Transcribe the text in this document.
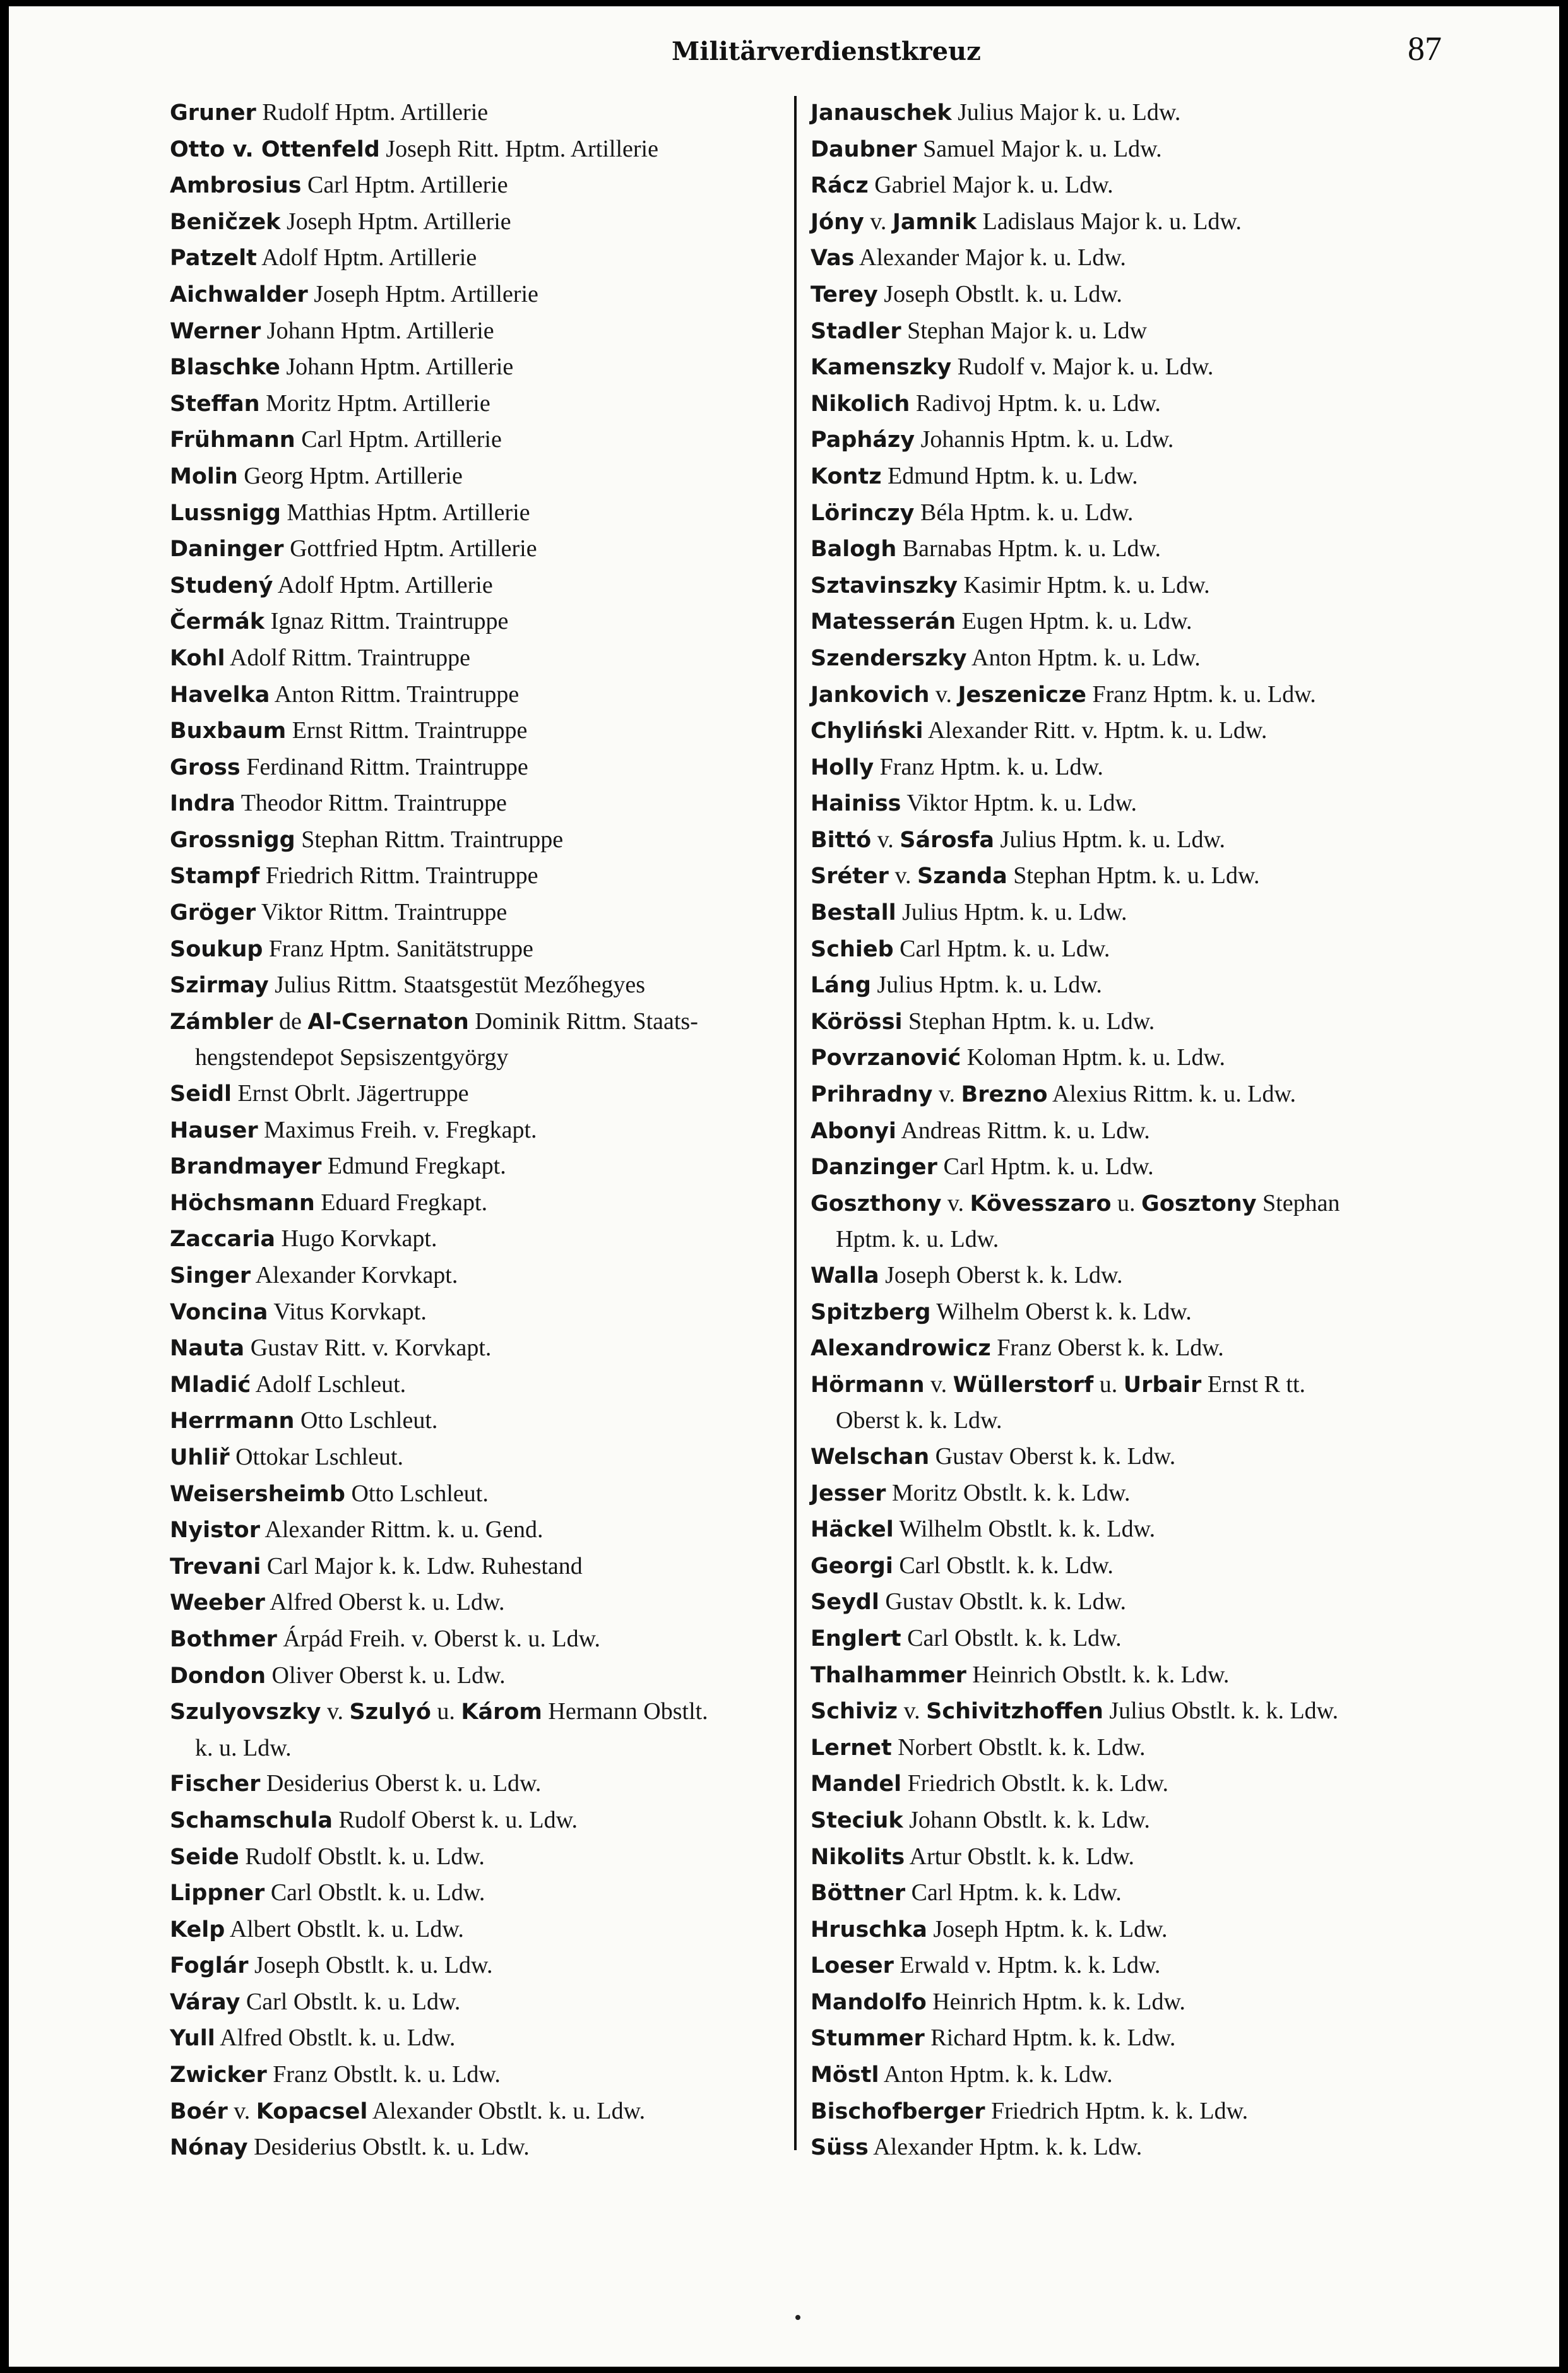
Militärverdienstkreuz	87
Gruner Rudolf Hptm. Artillerie
Otto v. Ottenfeld Joseph Ritt. Hptm. Artillerie
Ambrosius Carl Hptm. Artillerie
Beničzek Joseph Hptm. Artillerie
Patzelt Adolf Hptm. Artillerie
Aichwalder Joseph Hptm. Artillerie
Werner Johann Hptm. Artillerie
Blaschke Johann Hptm. Artillerie
Steffan Moritz Hptm. Artillerie
Frühmann Carl Hptm. Artillerie
Molin Georg Hptm. Artillerie
Lussnigg Matthias Hptm. Artillerie
Daninger Gottfried Hptm. Artillerie
Studený Adolf Hptm. Artillerie
Čermák Ignaz Rittm. Traintruppe
Kohl Adolf Rittm. Traintruppe
Havelka Anton Rittm. Traintruppe
Buxbaum Ernst Rittm. Traintruppe
Gross Ferdinand Rittm. Traintruppe
Indra Theodor Rittm. Traintruppe
Grossnigg Stephan Rittm. Traintruppe
Stampf Friedrich Rittm. Traintruppe
Gröger Viktor Rittm. Traintruppe
Soukup Franz Hptm. Sanitätstruppe
Szirmay Julius Rittm. Staatsgestüt Mezőhegyes
Zámbler de Al-Csernaton Dominik Rittm. Staats-
hengstendepot Sepsiszentgyörgy
Seidl Ernst Obrlt. Jägertruppe
Hauser Maximus Freih. v. Fregkapt.
Brandmayer Edmund Fregkapt.
Höchsmann Eduard Fregkapt.
Zaccaria Hugo Korvkapt.
Singer Alexander Korvkapt.
Voncina Vitus Korvkapt.
Nauta Gustav Ritt. v. Korvkapt.
Mladić Adolf Lschleut.
Herrmann Otto Lschleut.
Uhliř Ottokar Lschleut.
Weisersheimb Otto Lschleut.
Nyistor Alexander Rittm. k. u. Gend.
Trevani Carl Major k. k. Ldw. Ruhestand
Weeber Alfred Oberst k. u. Ldw.
Bothmer Árpád Freih. v. Oberst k. u. Ldw.
Dondon Oliver Oberst k. u. Ldw.
Szulyovszky v. Szulyó u. Károm Hermann Obstlt.
k. u. Ldw.
Fischer Desiderius Oberst k. u. Ldw.
Schamschula Rudolf Oberst k. u. Ldw.
Seide Rudolf Obstlt. k. u. Ldw.
Lippner Carl Obstlt. k. u. Ldw.
Kelp Albert Obstlt. k. u. Ldw.
Foglár Joseph Obstlt. k. u. Ldw.
Váray Carl Obstlt. k. u. Ldw.
Yull Alfred Obstlt. k. u. Ldw.
Zwicker Franz Obstlt. k. u. Ldw.
Boér v. Kopacsel Alexander Obstlt. k. u. Ldw.
Nónay Desiderius Obstlt. k. u. Ldw.
Janauschek Julius Major k. u. Ldw.
Daubner Samuel Major k. u. Ldw.
Rácz Gabriel Major k. u. Ldw.
Jóny v. Jamnik Ladislaus Major k. u. Ldw.
Vas Alexander Major k. u. Ldw.
Terey Joseph Obstlt. k. u. Ldw.
Stadler Stephan Major k. u. Ldw
Kamenszky Rudolf v. Major k. u. Ldw.
Nikolich Radivoj Hptm. k. u. Ldw.
Papházy Johannis Hptm. k. u. Ldw.
Kontz Edmund Hptm. k. u. Ldw.
Lörinczy Béla Hptm. k. u. Ldw.
Balogh Barnabas Hptm. k. u. Ldw.
Sztavinszky Kasimir Hptm. k. u. Ldw.
Matesserán Eugen Hptm. k. u. Ldw.
Szenderszky Anton Hptm. k. u. Ldw.
Jankovich v. Jeszenicze Franz Hptm. k. u. Ldw.
Chyliński Alexander Ritt. v. Hptm. k. u. Ldw.
Holly Franz Hptm. k. u. Ldw.
Hainiss Viktor Hptm. k. u. Ldw.
Bittó v. Sárosfa Julius Hptm. k. u. Ldw.
Sréter v. Szanda Stephan Hptm. k. u. Ldw.
Bestall Julius Hptm. k. u. Ldw.
Schieb Carl Hptm. k. u. Ldw.
Láng Julius Hptm. k. u. Ldw.
Körössi Stephan Hptm. k. u. Ldw.
Povrzanović Koloman Hptm. k. u. Ldw.
Prihradny v. Brezno Alexius Rittm. k. u. Ldw.
Abonyi Andreas Rittm. k. u. Ldw.
Danzinger Carl Hptm. k. u. Ldw.
Goszthony v. Kövesszaro u. Gosztony Stephan
Hptm. k. u. Ldw.
Walla Joseph Oberst k. k. Ldw.
Spitzberg Wilhelm Oberst k. k. Ldw.
Alexandrowicz Franz Oberst k. k. Ldw.
Hörmann v. Wüllerstorf u. Urbair Ernst R tt.
Oberst k. k. Ldw.
Welschan Gustav Oberst k. k. Ldw.
Jesser Moritz Obstlt. k. k. Ldw.
Häckel Wilhelm Obstlt. k. k. Ldw.
Georgi Carl Obstlt. k. k. Ldw.
Seydl Gustav Obstlt. k. k. Ldw.
Englert Carl Obstlt. k. k. Ldw.
Thalhammer Heinrich Obstlt. k. k. Ldw.
Schiviz v. Schivitzhoffen Julius Obstlt. k. k. Ldw.
Lernet Norbert Obstlt. k. k. Ldw.
Mandel Friedrich Obstlt. k. k. Ldw.
Steciuk Johann Obstlt. k. k. Ldw.
Nikolits Artur Obstlt. k. k. Ldw.
Böttner Carl Hptm. k. k. Ldw.
Hruschka Joseph Hptm. k. k. Ldw.
Loeser Erwald v. Hptm. k. k. Ldw.
Mandolfo Heinrich Hptm. k. k. Ldw.
Stummer Richard Hptm. k. k. Ldw.
Möstl Anton Hptm. k. k. Ldw.
Bischofberger Friedrich Hptm. k. k. Ldw.
Süss Alexander Hptm. k. k. Ldw.
